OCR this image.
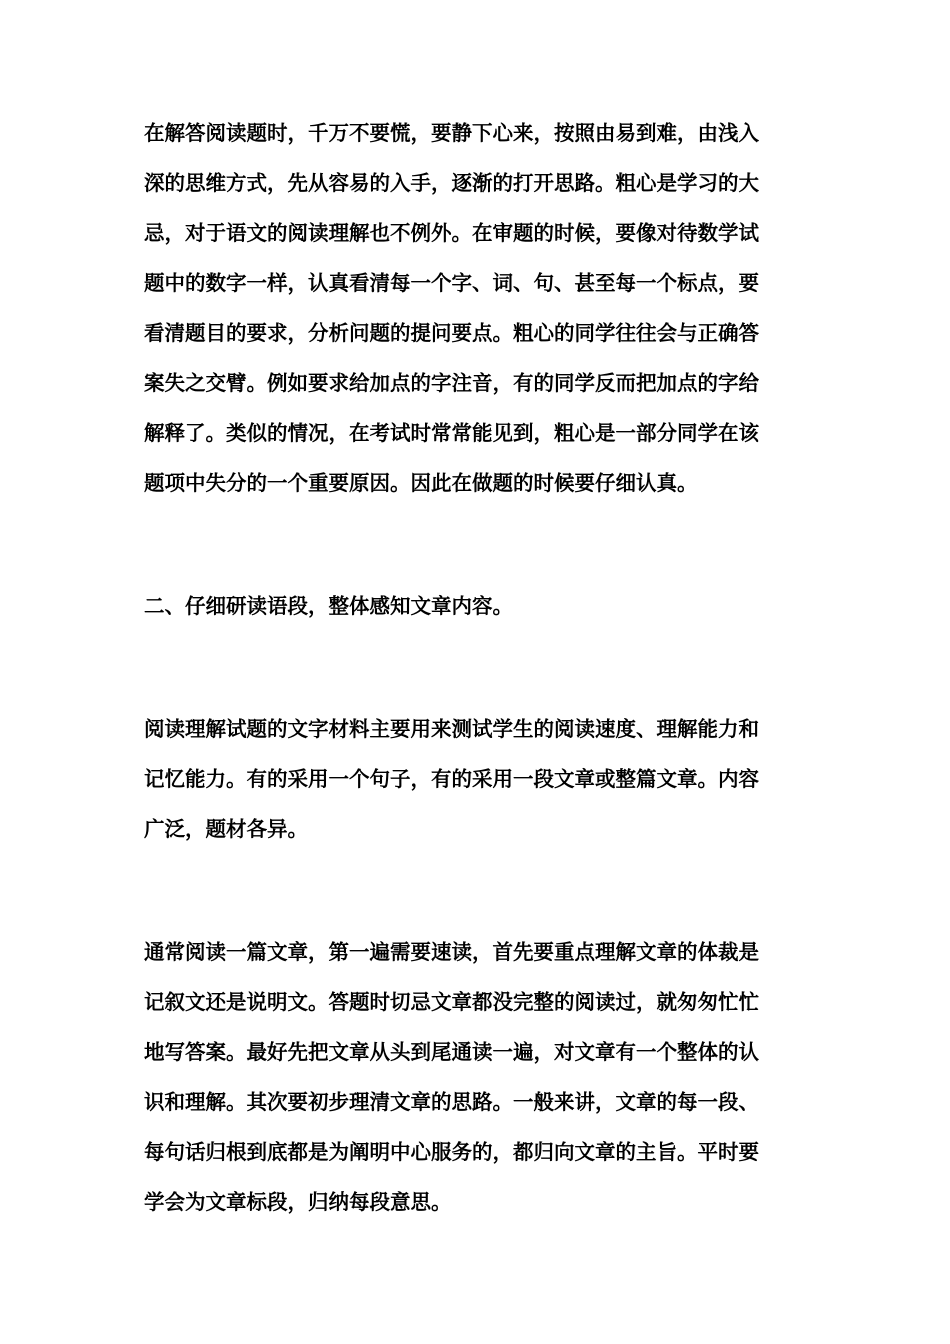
在解答阅读题时，千万不要慌，要静下心来，按照由易到难，由浅入
深的思维方式，先从容易的入手，逐渐的打开思路。粗心是学习的大
忌，对于语文的阅读理解也不例外。在审题的时候，要像对待数学试
题中的数字一样，认真看清每一个字、词、句、甚至每一个标点，要
看清题目的要求，分析问题的提问要点。粗心的同学往往会与正确答
案失之交臂。例如要求给加点的字注音，有的同学反而把加点的字给
解释了。类似的情况，在考试时常常能见到，粗心是一部分同学在该
题项中失分的一个重要原因。因此在做题的时候要仔细认真。
二、仔细研读语段，整体感知文章内容。
阅读理解试题的文字材料主要用来测试学生的阅读速度、理解能力和
记忆能力。有的采用一个句子，有的采用一段文章或整篇文章。内容
广泛，题材各异。
通常阅读一篇文章，第一遍需要速读，首先要重点理解文章的体裁是
记叙文还是说明文。答题时切忌文章都没完整的阅读过，就匆匆忙忙
地写答案。最好先把文章从头到尾通读一遍，对文章有一个整体的认
识和理解。其次要初步理清文章的思路。一般来讲，文章的每一段、
每句话归根到底都是为阐明中心服务的，都归向文章的主旨。平时要
学会为文章标段，归纳每段意思。
